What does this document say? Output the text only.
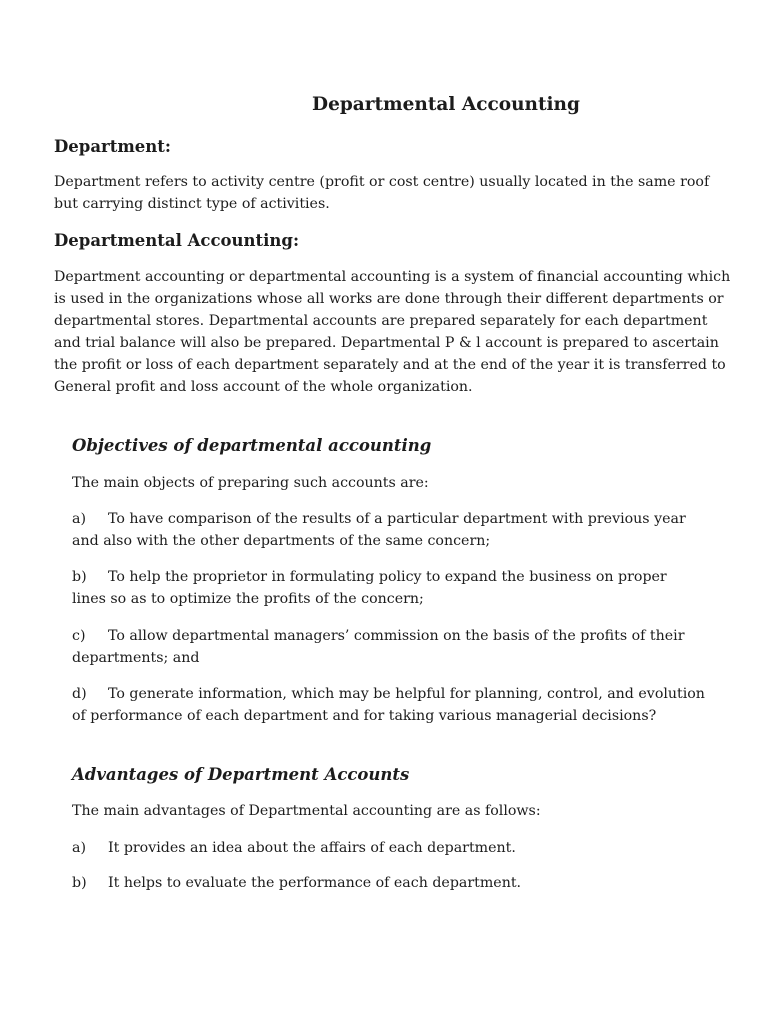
Departmental Accounting
Department:
Department refers to activity centre (profit or cost centre) usually located in the same roof
but carrying distinct type of activities.
Departmental Accounting:
Department accounting or departmental accounting is a system of financial accounting which
is used in the organizations whose all works are done through their different departments or
departmental stores. Departmental accounts are prepared separately for each department
and trial balance will also be prepared. Departmental P & l account is prepared to ascertain
the profit or loss of each department separately and at the end of the year it is transferred to
General profit and loss account of the whole organization.
Objectives of departmental accounting
The main objects of preparing such accounts are:
a) To have comparison of the results of a particular department with previous year
and also with the other departments of the same concern;
b) To help the proprietor in formulating policy to expand the business on proper
lines so as to optimize the profits of the concern;
c) To allow departmental managers’ commission on the basis of the profits of their
departments; and
d) To generate information, which may be helpful for planning, control, and evolution
of performance of each department and for taking various managerial decisions?
Advantages of Department Accounts
The main advantages of Departmental accounting are as follows:
a) It provides an idea about the affairs of each department.
b) It helps to evaluate the performance of each department.
